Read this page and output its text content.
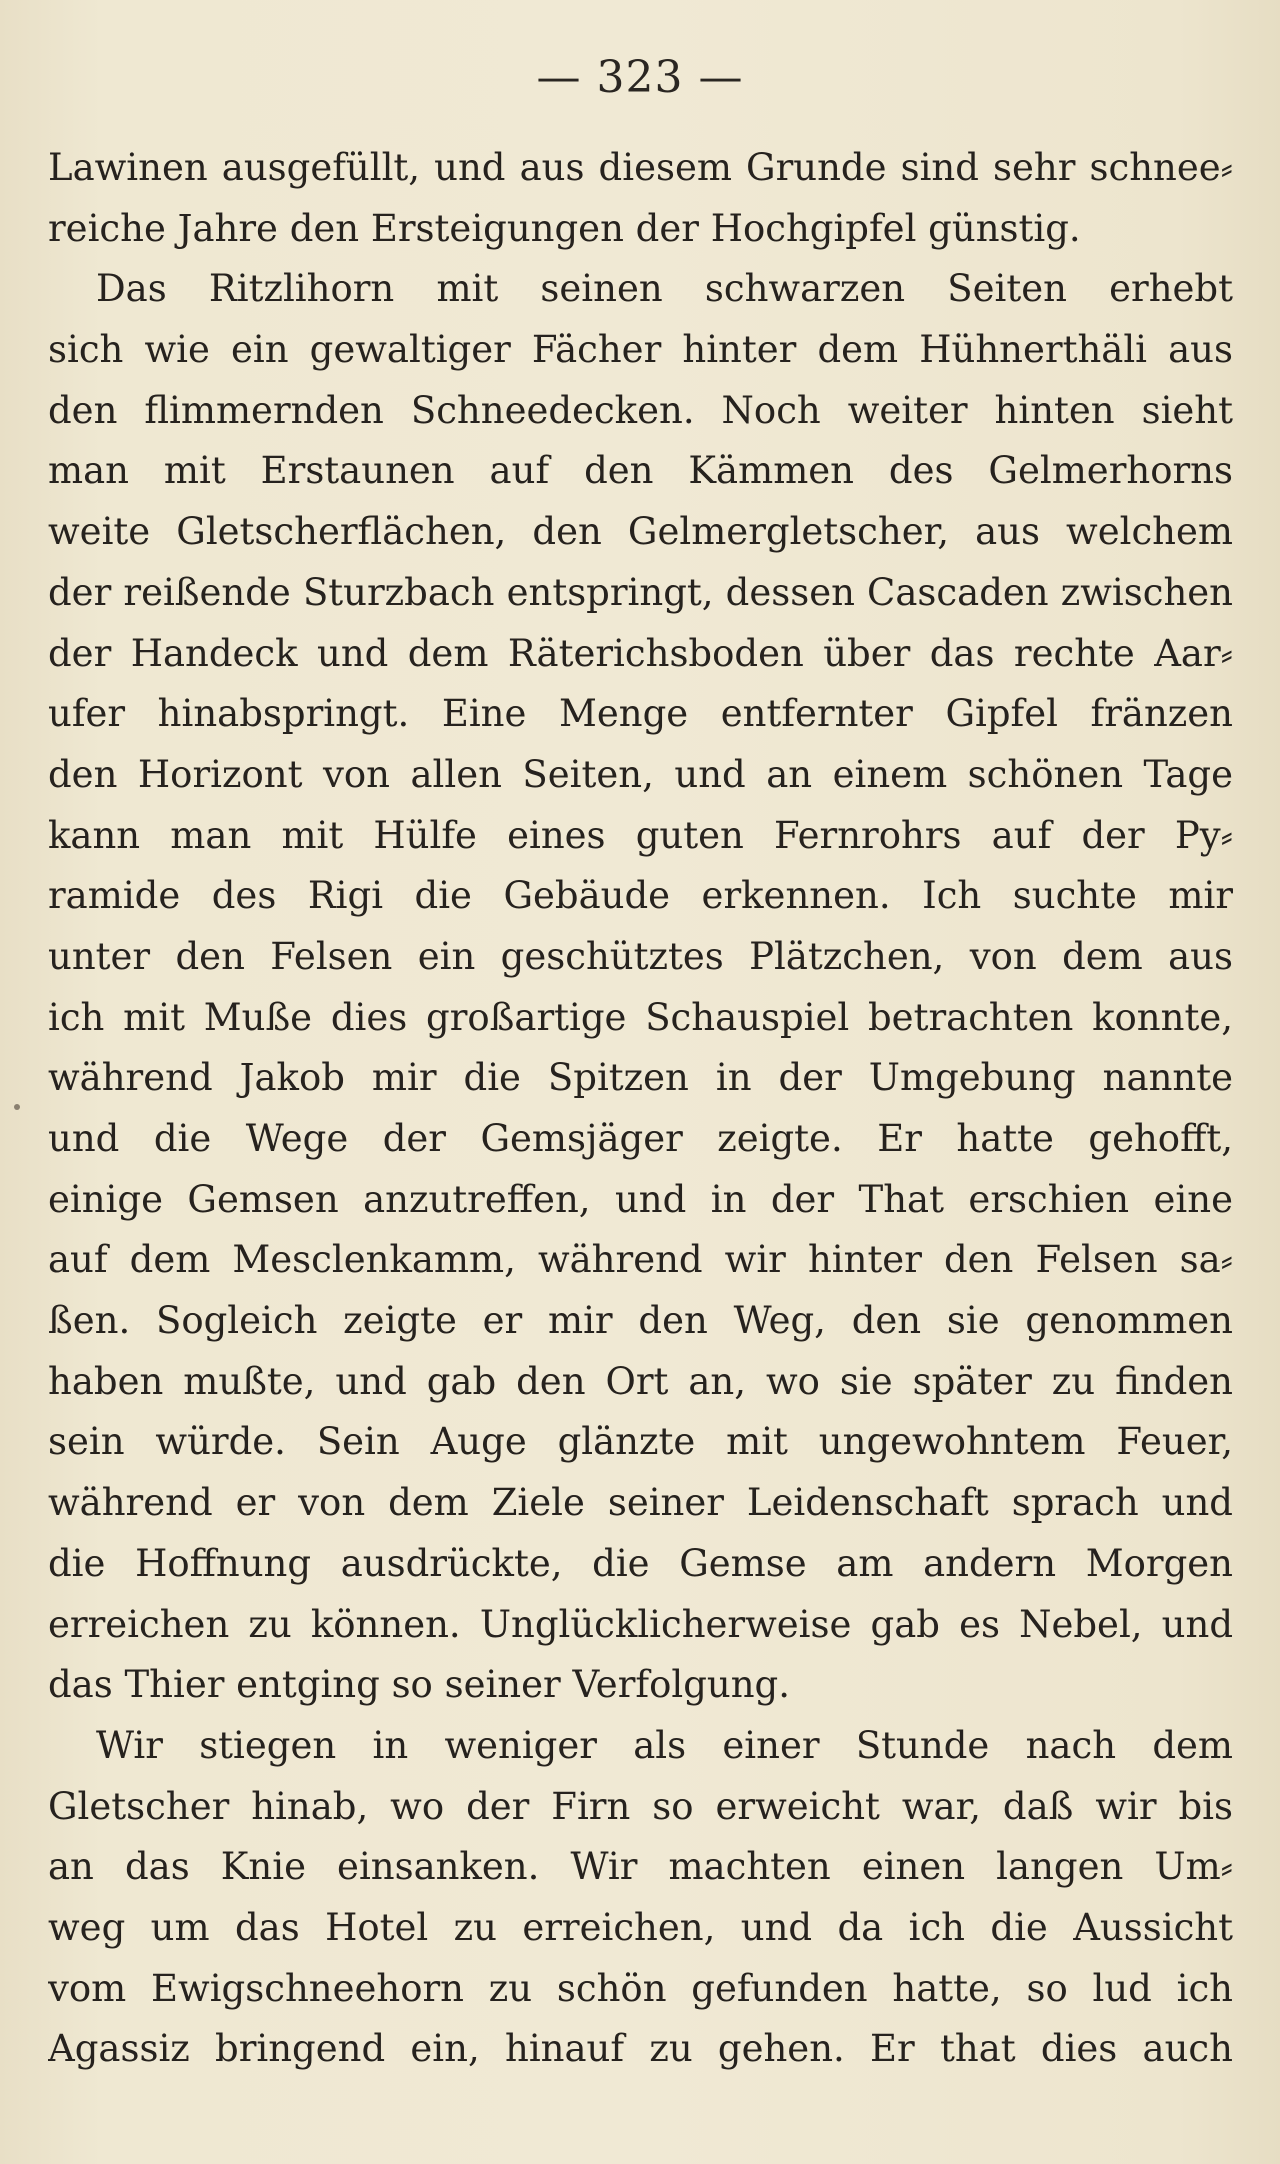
— 323 —
Lawinen ausgefüllt, und aus diesem Grunde sind sehr schnee⸗
reiche Jahre den Ersteigungen der Hochgipfel günstig.
Das Ritzlihorn mit seinen schwarzen Seiten erhebt
sich wie ein gewaltiger Fächer hinter dem Hühnerthäli aus
den flimmernden Schneedecken. Noch weiter hinten sieht
man mit Erstaunen auf den Kämmen des Gelmerhorns
weite Gletscherflächen, den Gelmergletscher, aus welchem
der reißende Sturzbach entspringt, dessen Cascaden zwischen
der Handeck und dem Räterichsboden über das rechte Aar⸗
ufer hinabspringt. Eine Menge entfernter Gipfel fränzen
den Horizont von allen Seiten, und an einem schönen Tage
kann man mit Hülfe eines guten Fernrohrs auf der Py⸗
ramide des Rigi die Gebäude erkennen. Ich suchte mir
unter den Felsen ein geschütztes Plätzchen, von dem aus
ich mit Muße dies großartige Schauspiel betrachten konnte,
während Jakob mir die Spitzen in der Umgebung nannte
und die Wege der Gemsjäger zeigte. Er hatte gehofft,
einige Gemsen anzutreffen, und in der That erschien eine
auf dem Mesclenkamm, während wir hinter den Felsen sa⸗
ßen. Sogleich zeigte er mir den Weg, den sie genommen
haben mußte, und gab den Ort an, wo sie später zu finden
sein würde. Sein Auge glänzte mit ungewohntem Feuer,
während er von dem Ziele seiner Leidenschaft sprach und
die Hoffnung ausdrückte, die Gemse am andern Morgen
erreichen zu können. Unglücklicherweise gab es Nebel, und
das Thier entging so seiner Verfolgung.
Wir stiegen in weniger als einer Stunde nach dem
Gletscher hinab, wo der Firn so erweicht war, daß wir bis
an das Knie einsanken. Wir machten einen langen Um⸗
weg um das Hotel zu erreichen, und da ich die Aussicht
vom Ewigschneehorn zu schön gefunden hatte, so lud ich
Agassiz bringend ein, hinauf zu gehen. Er that dies auch
